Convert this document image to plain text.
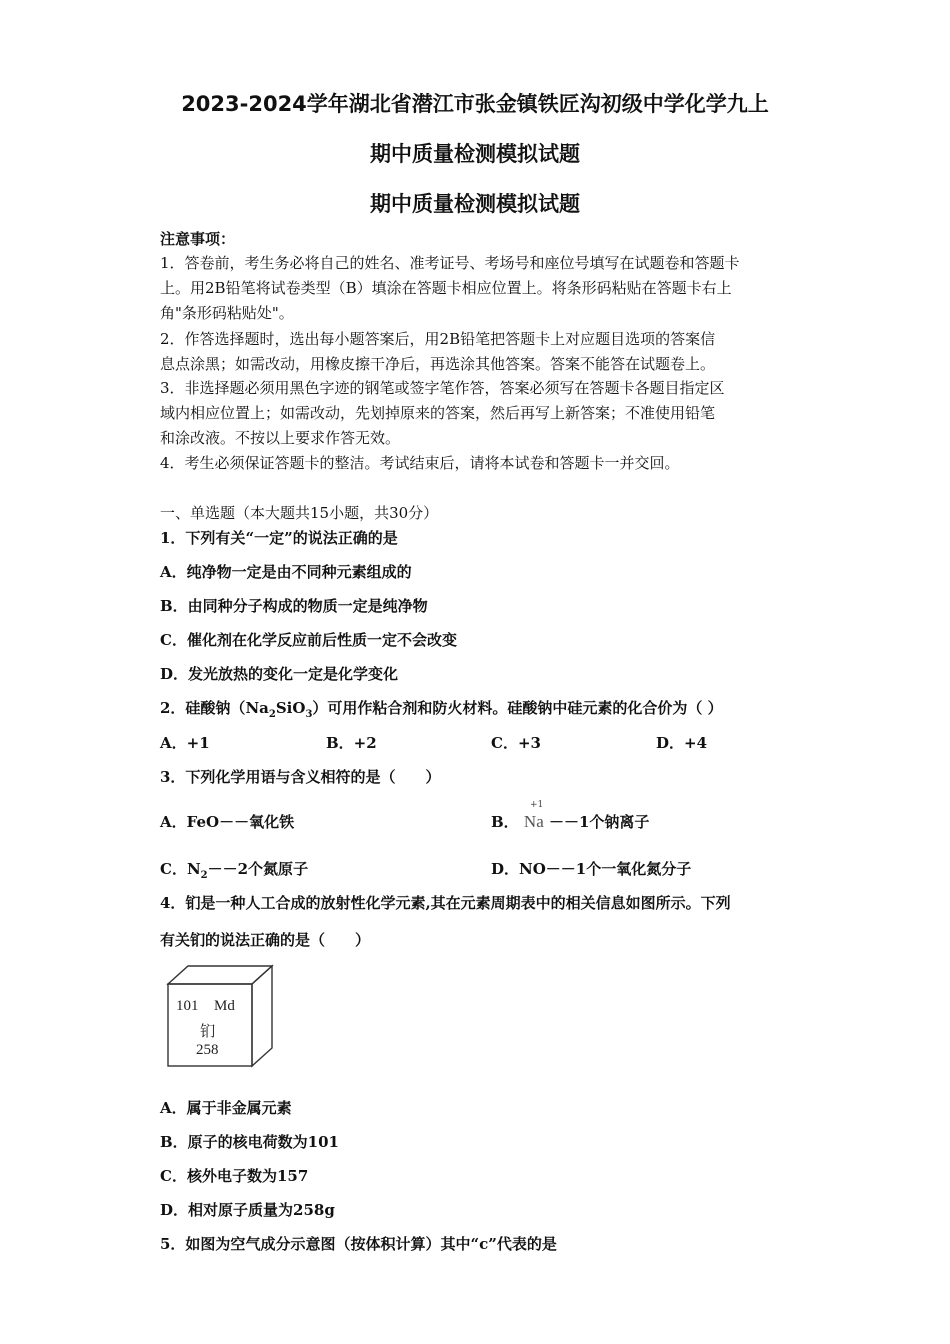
2023-2024学年湖北省潜江市张金镇铁匠沟初级中学化学九上
期中质量检测模拟试题
期中质量检测模拟试题
注意事项：
1．答卷前，考生务必将自己的姓名、准考证号、考场号和座位号填写在试题卷和答题卡
上。用2B铅笔将试卷类型（B）填涂在答题卡相应位置上。将条形码粘贴在答题卡右上
角"条形码粘贴处"。
2．作答选择题时，选出每小题答案后，用2B铅笔把答题卡上对应题目选项的答案信
息点涂黑；如需改动，用橡皮擦干净后，再选涂其他答案。答案不能答在试题卷上。
3．非选择题必须用黑色字迹的钢笔或签字笔作答，答案必须写在答题卡各题目指定区
域内相应位置上；如需改动，先划掉原来的答案，然后再写上新答案；不准使用铅笔
和涂改液。不按以上要求作答无效。
4．考生必须保证答题卡的整洁。考试结束后，请将本试卷和答题卡一并交回。
一、单选题（本大题共15小题，共30分）
1．下列有关“一定”的说法正确的是
A．纯净物一定是由不同种元素组成的
B．由同种分子构成的物质一定是纯净物
C．催化剂在化学反应前后性质一定不会改变
D．发光放热的变化一定是化学变化
2．硅酸钠$(Na_2SiO_3)$可用作粘合剂和防火材料。硅酸钠中硅元素的化合价为（ ）
A．+1	B．+2	C．+3	D．+4
3．下列化学用语与含义相符的是（　　）
A．FeO－－氧化铁	B．
+1
Na －－1个钠离子
C．$N_2--2$个氮原子	D．NO－－1个一氧化氮分子
4．钔是一种人工合成的放射性化学元素,其在元素周期表中的相关信息如图所示。下列
有关钔的说法正确的是（　　）
101 Md
钔
258
A．属于非金属元素
B．原子的核电荷数为101
C．核外电子数为157
D．相对原子质量为258g
5．如图为空气成分示意图（按体积计算）其中“c”代表的是
